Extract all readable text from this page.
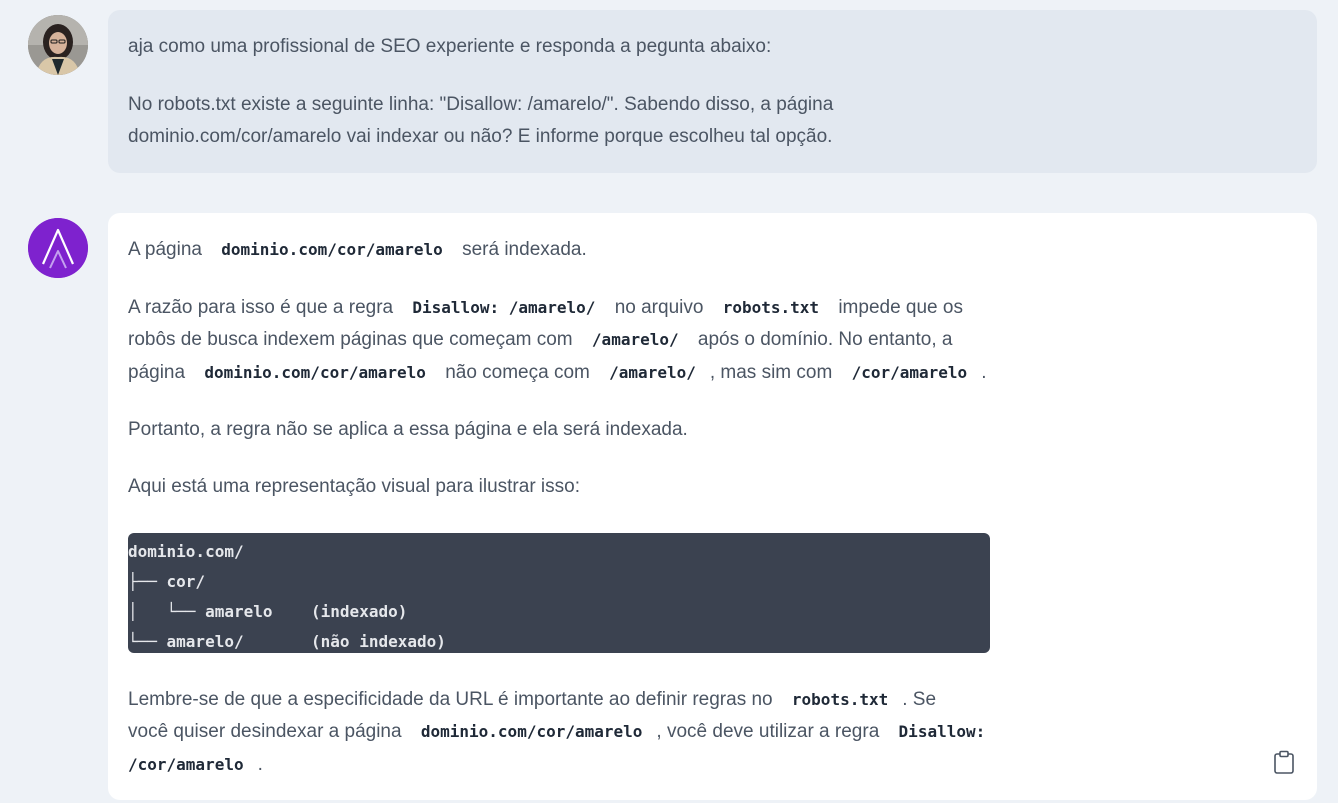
aja como uma profissional de SEO experiente e responda a pegunta abaixo:

No robots.txt existe a seguinte linha: "Disallow: /amarelo/". Sabendo disso, a página

dominio.com/cor/amarelo vai indexar ou não? E informe porque escolheu tal opção.

A página dominio.com/cor/amarelo será indexada.

A razão para isso é que a regra Disallow: /amarelo/ no arquivo robots.txt impede que os

robôs de busca indexem páginas que começam com /amarelo/ após o domínio. No entanto, a

página dominio.com/cor/amarelo não começa com /amarelo/ , mas sim com /cor/amarelo .

Portanto, a regra não se aplica a essa página e ela será indexada.

Aqui está uma representação visual para ilustrar isso:

dominio.com/
├── cor/
│   └── amarelo    (indexado)
└── amarelo/       (não indexado)

Lembre-se de que a especificidade da URL é importante ao definir regras no robots.txt . Se

você quiser desindexar a página dominio.com/cor/amarelo , você deve utilizar a regra Disallow:

/cor/amarelo .
